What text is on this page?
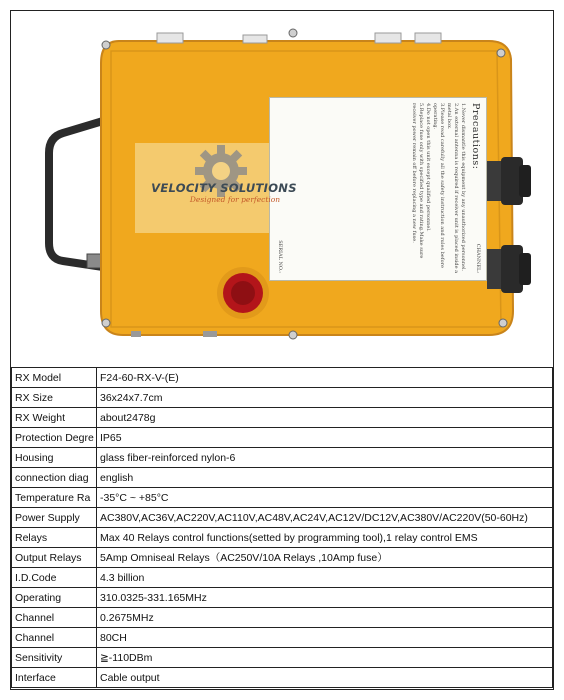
Precautions:
1.Never dismantle this equipment by any unauthorized personnel.
2.An external antenna is required if receiver unit is placed inside a metal box.
3.Please read carefully all the safety instruction and rules before operating.
4.Do not open this unit except qualified personnel.
5.Replace fuse only with specified type and rating.Make sure receiver power remain off before replacing a new fuse.
CHANNEL:
SERIAL NO.:
VELOCITY SOLUTIONS
Designed for perfection
RX Model	F24-60-RX-V-(E)
RX Size	36x24x7.7cm
RX Weight	about2478g
Protection Degre	IP65
Housing	glass fiber-reinforced nylon-6
connection diag	english
Temperature Ra	-35°C ~ +85°C
Power Supply	AC380V,AC36V,AC220V,AC110V,AC48V,AC24V,AC12V/DC12V,AC380V/AC220V(50-60Hz)
Relays	Max 40 Relays control functions(setted by programming tool),1 relay control EMS
Output Relays	5Amp Omniseal Relays（AC250V/10A Relays ,10Amp fuse）
I.D.Code	4.3 billion
Operating	310.0325-331.165MHz
Channel	0.2675MHz
Channel	80CH
Sensitivity	≧-110DBm
Interface	Cable output
